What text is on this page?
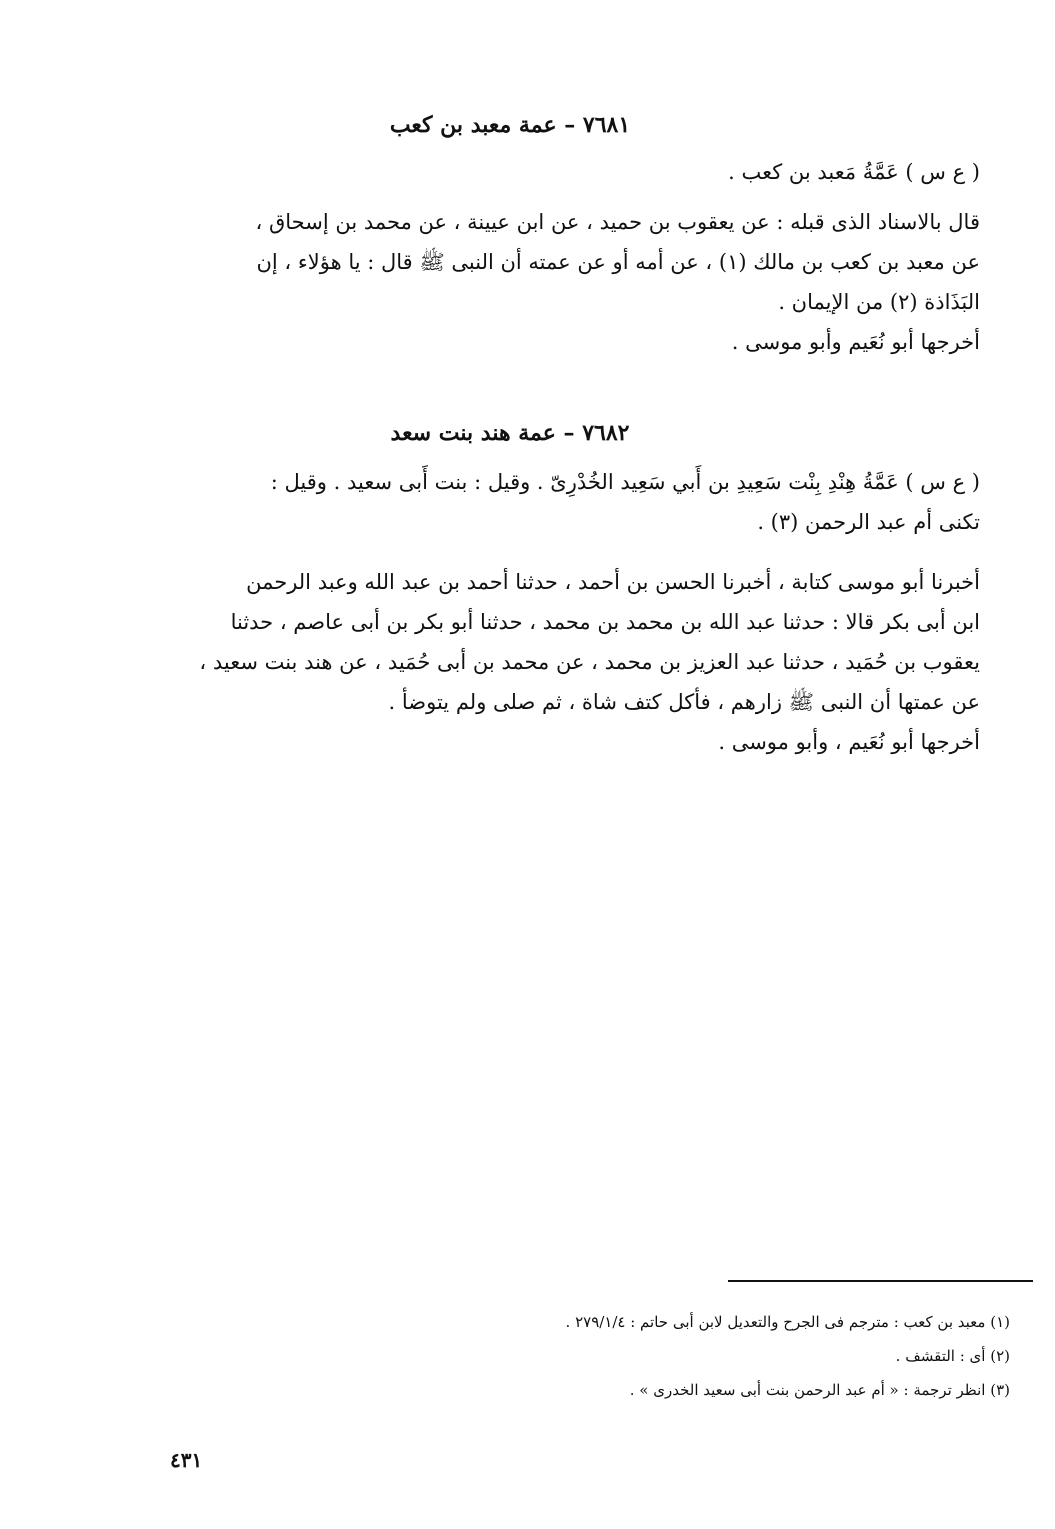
٧٦٨١ – عمة معبد بن كعب

( ع س ) عَمَّةُ مَعبد بن كعب .

قال بالاسناد الذى قبله : عن يعقوب بن حميد ، عن ابن عيينة ، عن محمد بن إسحاق ،
عن معبد بن كعب بن مالك (١) ، عن أمه أو عن عمته أن النبى ﷺ قال : يا هؤلاء ، إن
البَذَاذة (٢) من الإيمان .

أخرجها أبو نُعَيم وأبو موسى .

٧٦٨٢ – عمة هند بنت سعد

( ع س ) عَمَّةُ هِنْدِ بِنْت سَعِيدِ بن أَبي سَعِيد الخُدْرِىّ . وقيل : بنت أَبى سعيد . وقيل :
تكنى أم عبد الرحمن (٣) .

أخبرنا أبو موسى كتابة ، أخبرنا الحسن بن أحمد ، حدثنا أحمد بن عبد الله وعبد الرحمن
ابن أبى بكر قالا : حدثنا عبد الله بن محمد بن محمد ، حدثنا أبو بكر بن أبى عاصم ، حدثنا
يعقوب بن حُمَيد ، حدثنا عبد العزيز بن محمد ، عن محمد بن أبى حُمَيد ، عن هند بنت سعيد ،
عن عمتها أن النبى ﷺ زارهم ، فأكل كتف شاة ، ثم صلى ولم يتوضأ .

أخرجها أبو نُعَيم ، وأبو موسى .

(١) معبد بن كعب : مترجم فى الجرح والتعديل لابن أبى حاتم : ٢٧٩/١/٤ .
(٢) أى : التقشف .
(٣) انظر ترجمة : « أم عبد الرحمن بنت أبى سعيد الخدرى » .
٤٣١
